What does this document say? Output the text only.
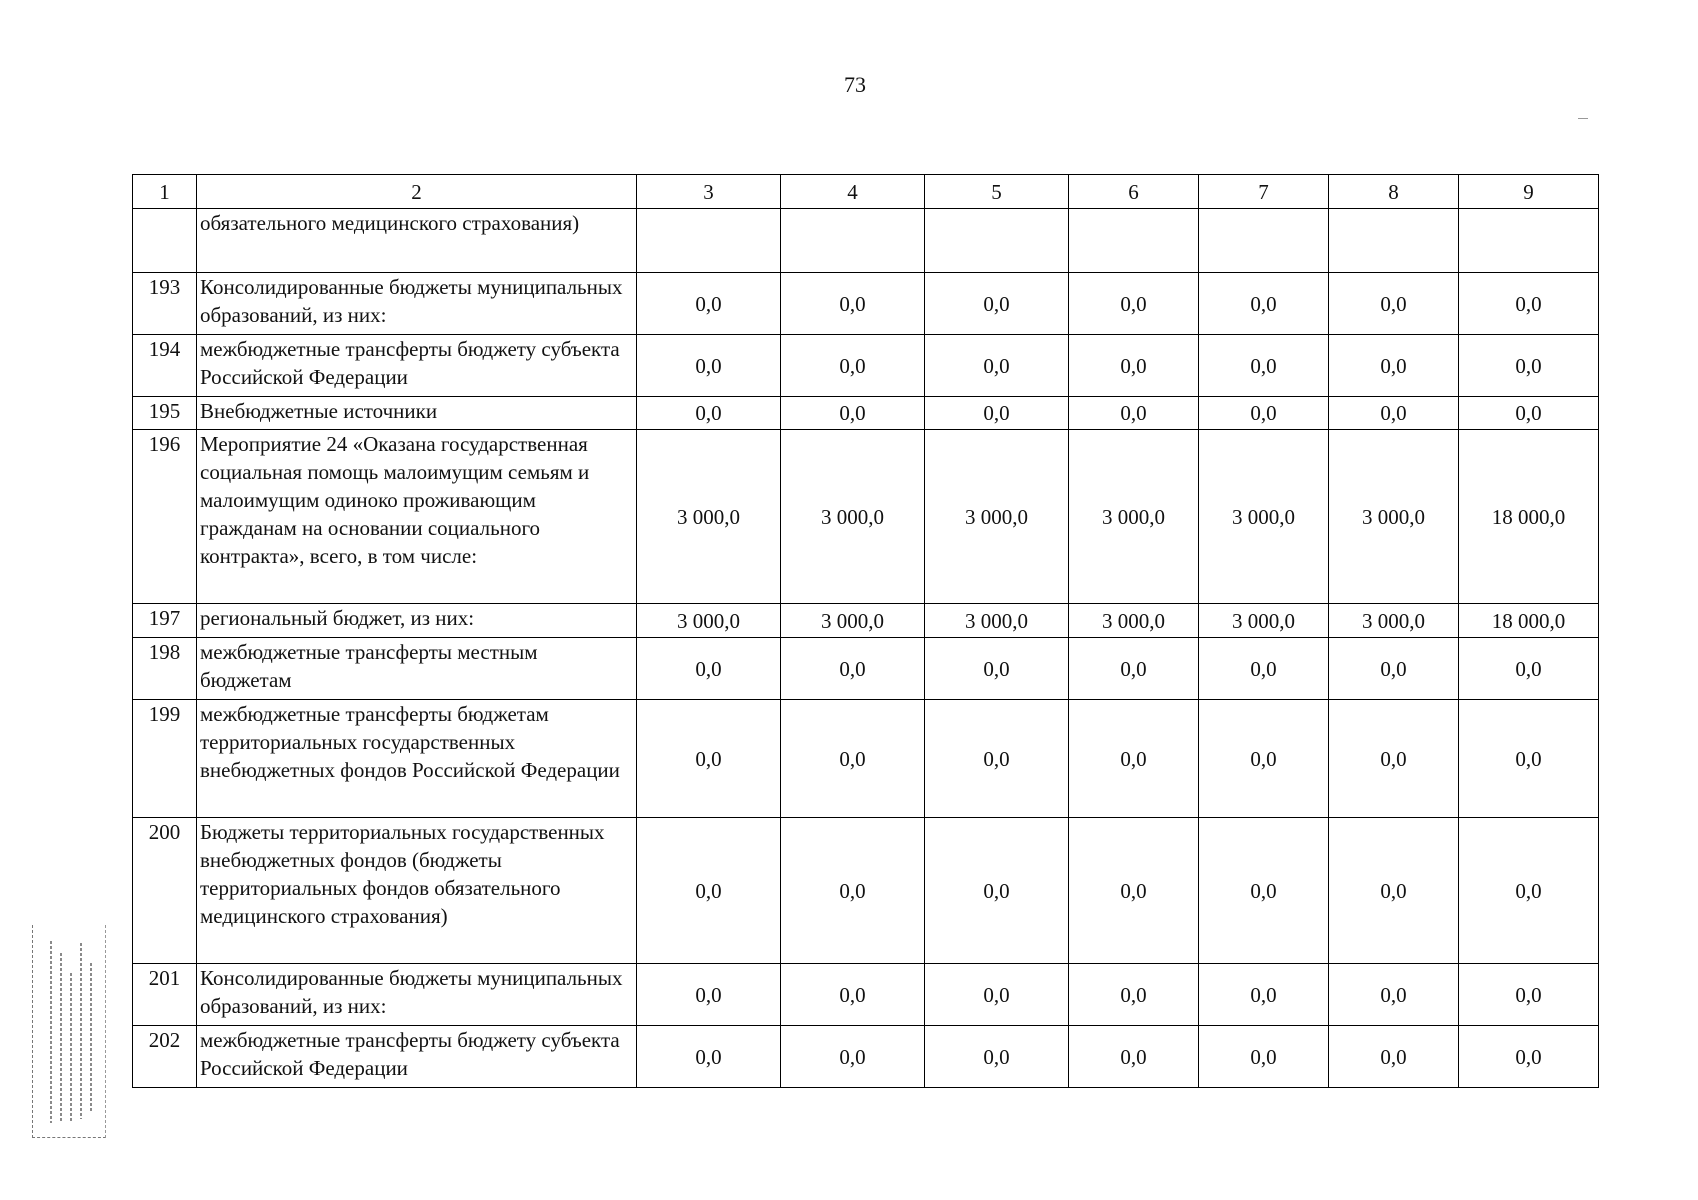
73
1	2	3	4	5	6	7	8	9
	обязательного медицинского страхования)							
193	Консолидированные бюджеты муниципальных образований, из них:	0,0	0,0	0,0	0,0	0,0	0,0	0,0
194	межбюджетные трансферты бюджету субъекта Российской Федерации	0,0	0,0	0,0	0,0	0,0	0,0	0,0
195	Внебюджетные источники	0,0	0,0	0,0	0,0	0,0	0,0	0,0
196	Мероприятие 24 «Оказана государственная социальная помощь малоимущим семьям и малоимущим одиноко проживающим гражданам на основании социального контракта», всего, в том числе:	3 000,0	3 000,0	3 000,0	3 000,0	3 000,0	3 000,0	18 000,0
197	региональный бюджет, из них:	3 000,0	3 000,0	3 000,0	3 000,0	3 000,0	3 000,0	18 000,0
198	межбюджетные трансферты местным бюджетам	0,0	0,0	0,0	0,0	0,0	0,0	0,0
199	межбюджетные трансферты бюджетам территориальных государственных внебюджетных фондов Российской Федерации	0,0	0,0	0,0	0,0	0,0	0,0	0,0
200	Бюджеты территориальных государственных внебюджетных фондов (бюджеты территориальных фондов обязательного медицинского страхования)	0,0	0,0	0,0	0,0	0,0	0,0	0,0
201	Консолидированные бюджеты муниципальных образований, из них:	0,0	0,0	0,0	0,0	0,0	0,0	0,0
202	межбюджетные трансферты бюджету субъекта Российской Федерации	0,0	0,0	0,0	0,0	0,0	0,0	0,0
